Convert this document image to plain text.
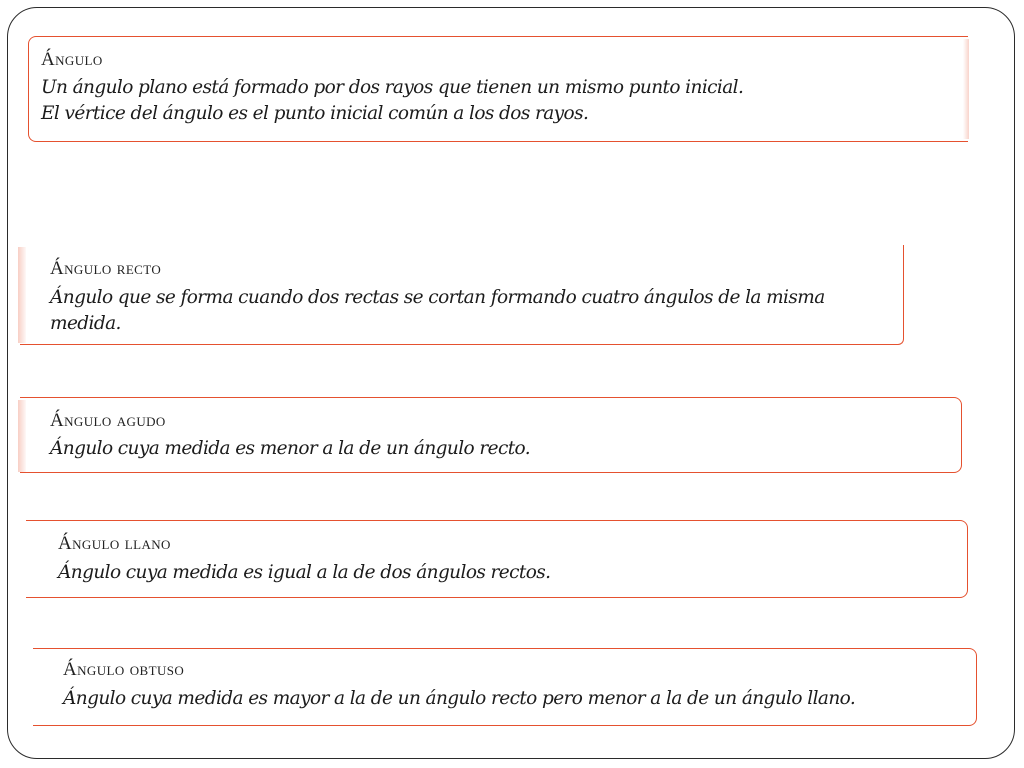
Ángulo
Un ángulo plano está formado por dos rayos que tienen un mismo punto inicial.
El vértice del ángulo es el punto inicial común a los dos rayos.
Ángulo recto
Ángulo que se forma cuando dos rectas se cortan formando cuatro ángulos de la misma medida.
Ángulo agudo
Ángulo cuya medida es menor a la de un ángulo recto.
Ángulo llano
Ángulo cuya medida es igual a la de dos ángulos rectos.
Ángulo obtuso
Ángulo cuya medida es mayor a la de un ángulo recto pero menor a la de un ángulo llano.
